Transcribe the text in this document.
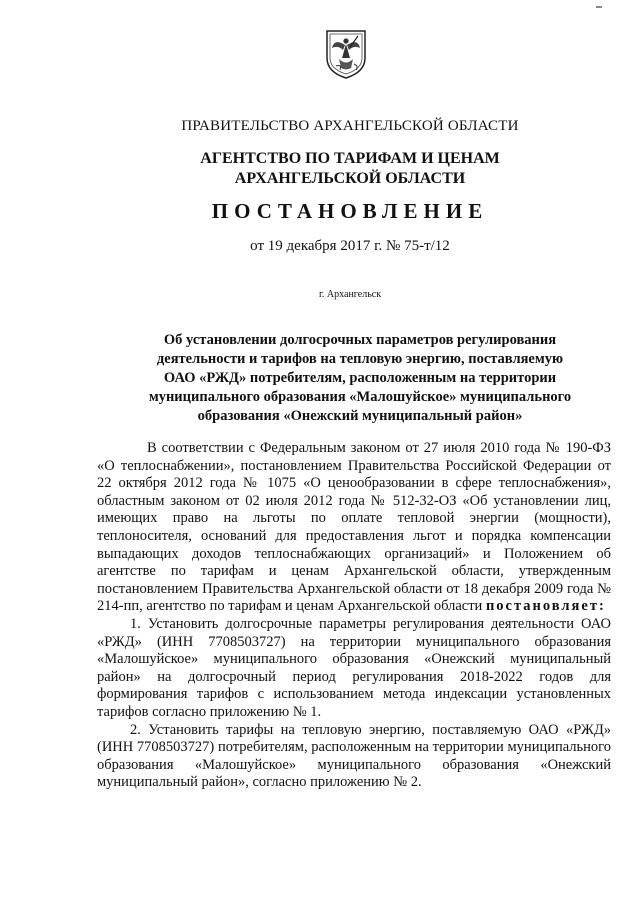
ПРАВИТЕЛЬСТВО АРХАНГЕЛЬСКОЙ ОБЛАСТИ
АГЕНТСТВО ПО ТАРИФАМ И ЦЕНАМ
АРХАНГЕЛЬСКОЙ ОБЛАСТИ
ПОСТАНОВЛЕНИЕ
от 19 декабря 2017 г. № 75-т/12
г. Архангельск
Об установлении долгосрочных параметров регулирования
деятельности и тарифов на тепловую энергию, поставляемую
ОАО «РЖД» потребителям, расположенным на территории
муниципального образования «Малошуйское» муниципального
образования «Онежский муниципальный район»

В соответствии с Федеральным законом от 27 июля 2010 года № 190-ФЗ «О теплоснабжении», постановлением Правительства Российской Федерации от 22 октября 2012 года № 1075 «О ценообразовании в сфере теплоснабжения», областным законом от 02 июля 2012 года № 512-32-ОЗ «Об установлении лиц, имеющих право на льготы по оплате тепловой энергии (мощности), теплоносителя, оснований для предоставления льгот и порядка компенсации выпадающих доходов теплоснабжающих организаций» и Положением об агентстве по тарифам и ценам Архангельской области, утвержденным постановлением Правительства Архангельской области от 18 декабря 2009 года № 214-пп, агентство по тарифам и ценам Архангельской области постановляет:

1. Установить долгосрочные параметры регулирования деятельности ОАО «РЖД» (ИНН 7708503727) на территории муниципального образования «Малошуйское» муниципального образования «Онежский муниципальный район» на долгосрочный период регулирования 2018-2022 годов для формирования тарифов с использованием метода индексации установленных тарифов согласно приложению № 1.

2. Установить тарифы на тепловую энергию, поставляемую ОАО «РЖД» (ИНН 7708503727) потребителям, расположенным на территории муниципального образования «Малошуйское» муниципального образования «Онежский муниципальный район», согласно приложению № 2.
